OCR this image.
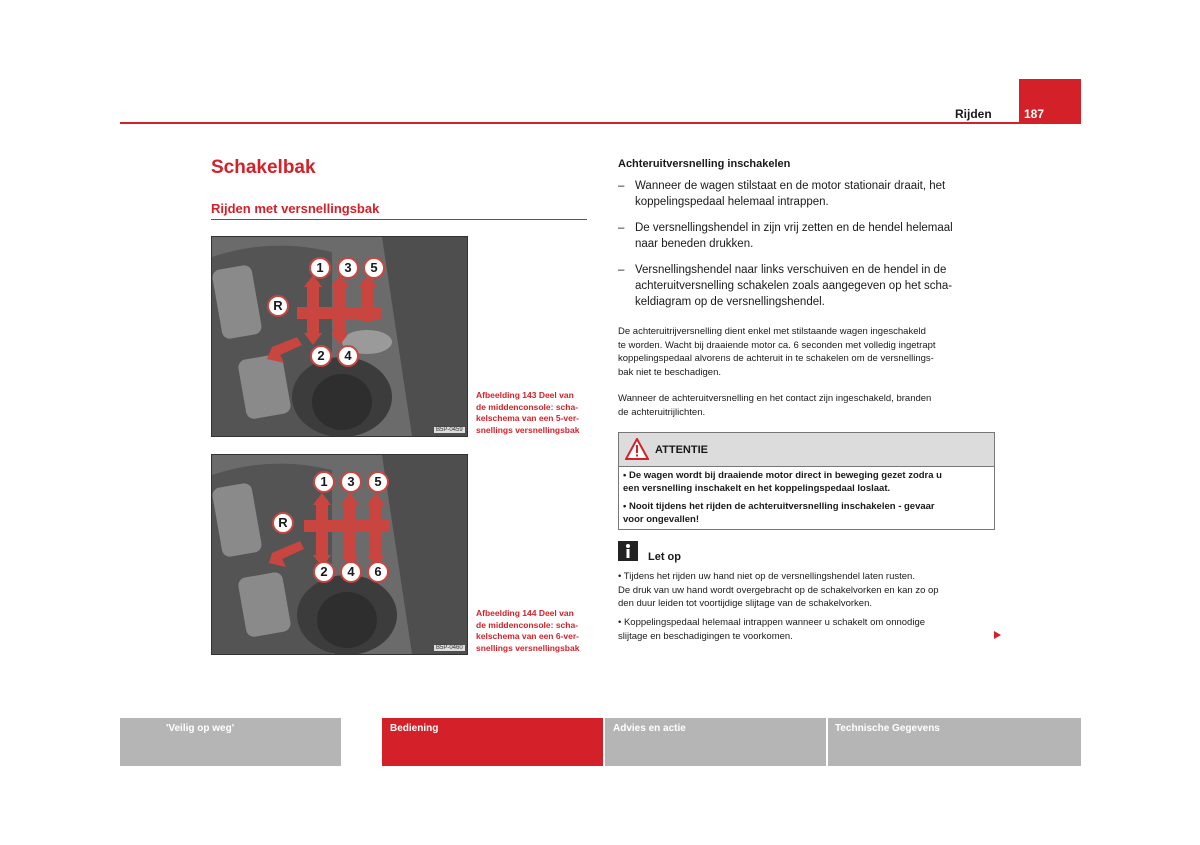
Rijden	187
Schakelbak
Rijden met versnellingsbak
1	3	5
R
2	4
B5P-0459
Afbeelding 143 Deel van
de middenconsole: scha-
kelschema van een 5-ver-
snellings versnellingsbak
1	3	5
R
2	4	6
B5P-0460
Afbeelding 144 Deel van
de middenconsole: scha-
kelschema van een 6-ver-
snellings versnellingsbak
Achteruitversnelling inschakelen
– Wanneer de wagen stilstaat en de motor stationair draait, het
koppelingspedaal helemaal intrappen.
– De versnellingshendel in zijn vrij zetten en de hendel helemaal
naar beneden drukken.
– Versnellingshendel naar links verschuiven en de hendel in de
achteruitversnelling schakelen zoals aangegeven op het scha-
keldiagram op de versnellingshendel.
De achteruitrijversnelling dient enkel met stilstaande wagen ingeschakeld
te worden. Wacht bij draaiende motor ca. 6 seconden met volledig ingetrapt
koppelingspedaal alvorens de achteruit in te schakelen om de versnellings-
bak niet te beschadigen.
Wanneer de achteruitversnelling en het contact zijn ingeschakeld, branden
de achteruitrijlichten.
ATTENTIE
• De wagen wordt bij draaiende motor direct in beweging gezet zodra u
een versnelling inschakelt en het koppelingspedaal loslaat.
• Nooit tijdens het rijden de achteruitversnelling inschakelen - gevaar
voor ongevallen!
Let op
• Tijdens het rijden uw hand niet op de versnellingshendel laten rusten.
De druk van uw hand wordt overgebracht op de schakelvorken en kan zo op
den duur leiden tot voortijdige slijtage van de schakelvorken.
• Koppelingspedaal helemaal intrappen wanneer u schakelt om onnodige
slijtage en beschadigingen te voorkomen.
'Veilig op weg'	Bediening	Advies en actie	Technische Gegevens
